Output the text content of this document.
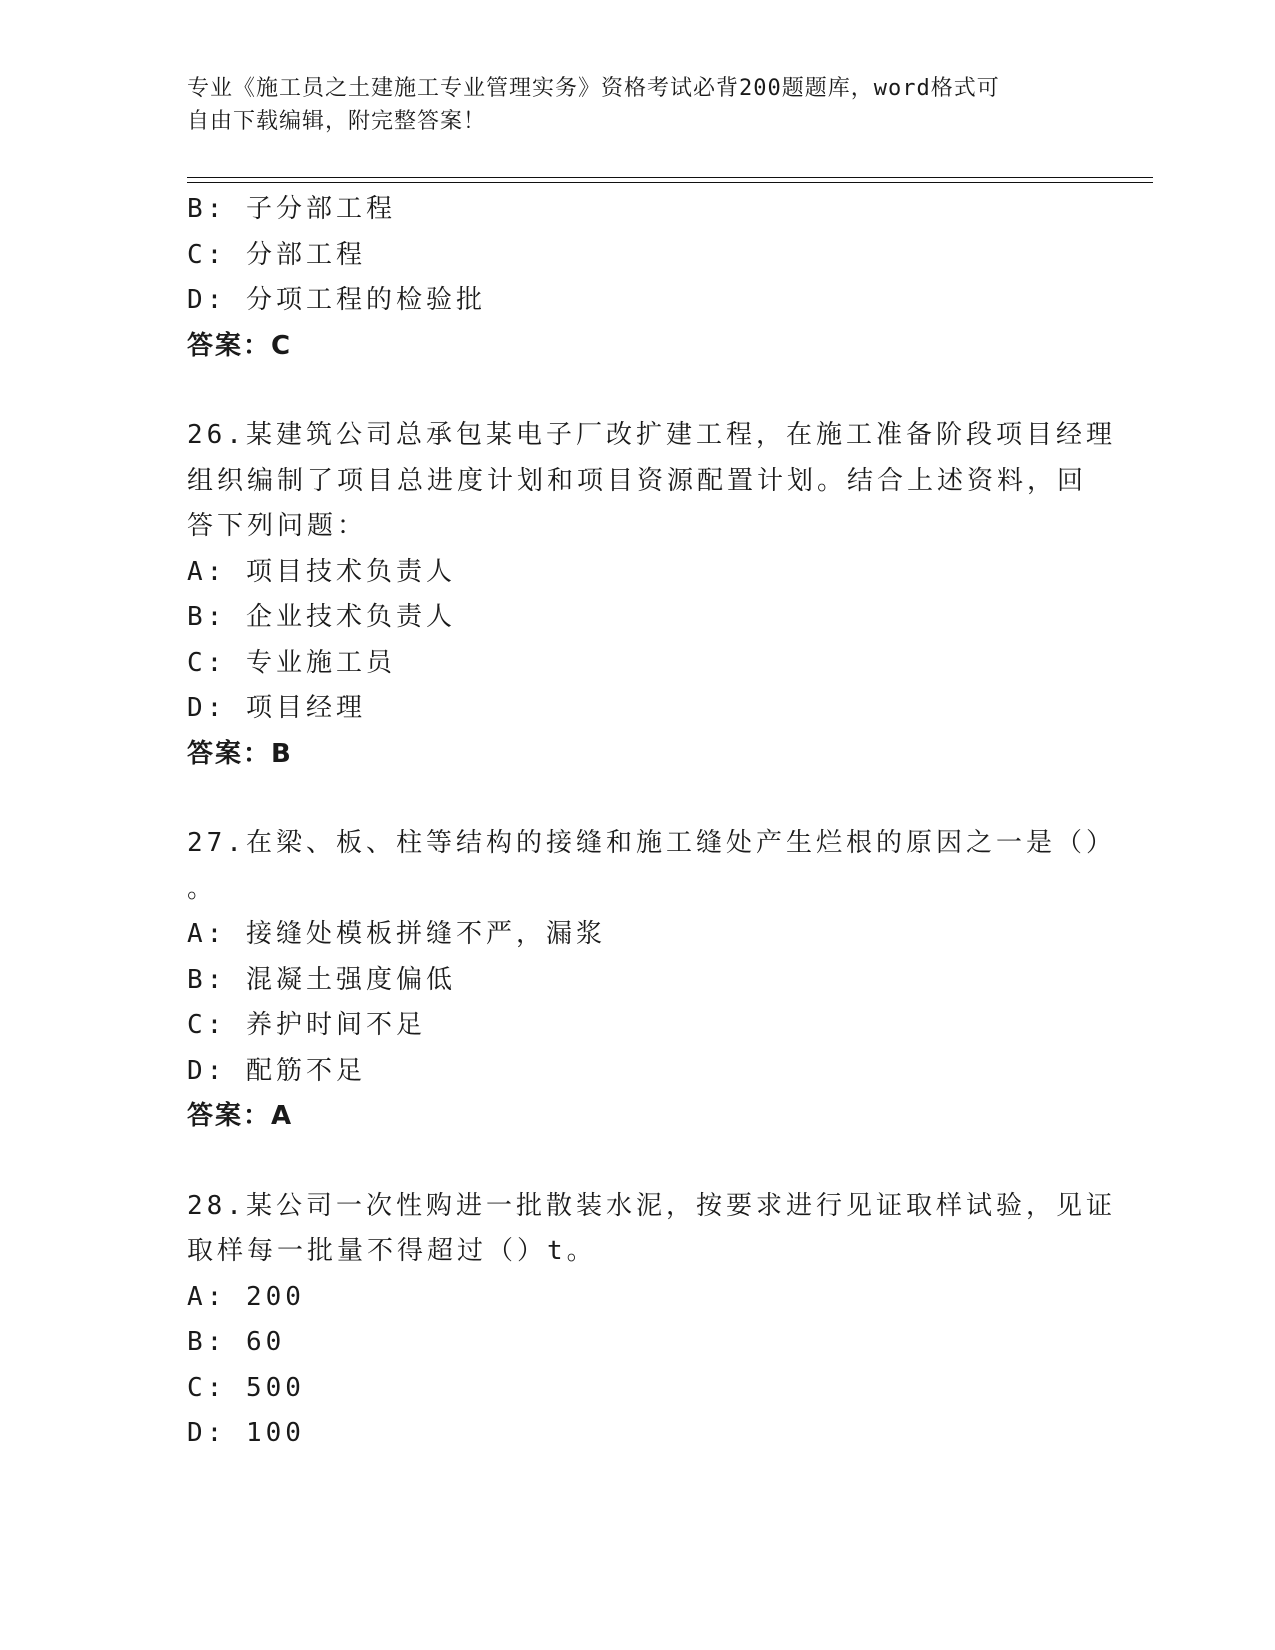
专业《施工员之土建施工专业管理实务》资格考试必背200题题库，word格式可
自由下载编辑，附完整答案！
B: 子分部工程
C: 分部工程
D: 分项工程的检验批
答案：C
26.某建筑公司总承包某电子厂改扩建工程，在施工准备阶段项目经理
组织编制了项目总进度计划和项目资源配置计划。结合上述资料，回
答下列问题：
A: 项目技术负责人
B: 企业技术负责人
C: 专业施工员
D: 项目经理
答案：B
27.在梁、板、柱等结构的接缝和施工缝处产生烂根的原因之一是（）
。
A: 接缝处模板拼缝不严，漏浆
B: 混凝土强度偏低
C: 养护时间不足
D: 配筋不足
答案：A
28.某公司一次性购进一批散装水泥，按要求进行见证取样试验，见证
取样每一批量不得超过（）t。
A: 200
B: 60
C: 500
D: 100
